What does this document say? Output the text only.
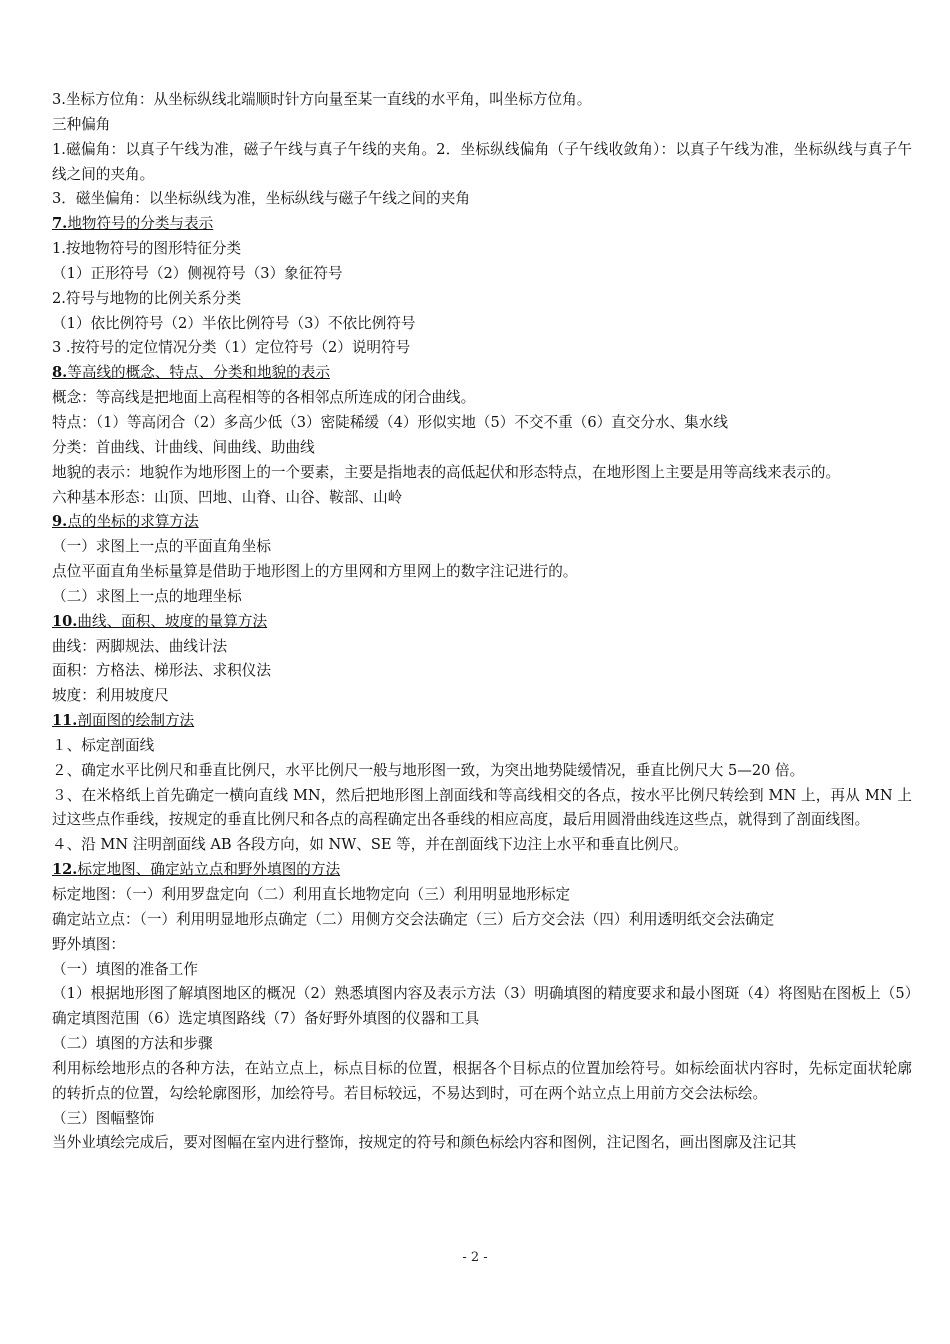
3.坐标方位角：从坐标纵线北端顺时针方向量至某一直线的水平角，叫坐标方位角。
三种偏角
1.磁偏角：以真子午线为准，磁子午线与真子午线的夹角。2．坐标纵线偏角（子午线收敛角）：以真子午线为准，坐标纵线与真子午线之间的夹角。
3．磁坐偏角：以坐标纵线为准，坐标纵线与磁子午线之间的夹角
7.地物符号的分类与表示
1.按地物符号的图形特征分类
（1）正形符号（2）侧视符号（3）象征符号
2.符号与地物的比例关系分类
（1）依比例符号（2）半依比例符号（3）不依比例符号
3 .按符号的定位情况分类（1）定位符号（2）说明符号
8.等高线的概念、特点、分类和地貌的表示
概念：等高线是把地面上高程相等的各相邻点所连成的闭合曲线。
特点：（1）等高闭合（2）多高少低（3）密陡稀缓（4）形似实地（5）不交不重（6）直交分水、集水线
分类：首曲线、计曲线、间曲线、助曲线
地貌的表示：地貌作为地形图上的一个要素，主要是指地表的高低起伏和形态特点，在地形图上主要是用等高线来表示的。
六种基本形态：山顶、凹地、山脊、山谷、鞍部、山岭
9.点的坐标的求算方法
（一）求图上一点的平面直角坐标
点位平面直角坐标量算是借助于地形图上的方里网和方里网上的数字注记进行的。
（二）求图上一点的地理坐标
10.曲线、面积、坡度的量算方法
曲线：两脚规法、曲线计法
面积：方格法、梯形法、求积仪法
坡度：利用坡度尺
11.剖面图的绘制方法
１、标定剖面线
２、确定水平比例尺和垂直比例尺，水平比例尺一般与地形图一致，为突出地势陡缓情况，垂直比例尺大 5—20 倍。
３、在米格纸上首先确定一横向直线 MN，然后把地形图上剖面线和等高线相交的各点，按水平比例尺转绘到 MN 上，再从 MN 上过这些点作垂线，按规定的垂直比例尺和各点的高程确定出各垂线的相应高度，最后用圆滑曲线连这些点，就得到了剖面线图。
４、沿 MN 注明剖面线 AB 各段方向，如 NW、SE 等，并在剖面线下边注上水平和垂直比例尺。
12.标定地图、确定站立点和野外填图的方法
标定地图：（一）利用罗盘定向（二）利用直长地物定向（三）利用明显地形标定
确定站立点：（一）利用明显地形点确定（二）用侧方交会法确定（三）后方交会法（四）利用透明纸交会法确定
野外填图：
（一）填图的准备工作
（1）根据地形图了解填图地区的概况（2）熟悉填图内容及表示方法（3）明确填图的精度要求和最小图斑（4）将图贴在图板上（5）确定填图范围（6）选定填图路线（7）备好野外填图的仪器和工具
（二）填图的方法和步骤
利用标绘地形点的各种方法，在站立点上，标点目标的位置，根据各个目标点的位置加绘符号。如标绘面状内容时，先标定面状轮廓的转折点的位置，勾绘轮廓图形，加绘符号。若目标较远，不易达到时，可在两个站立点上用前方交会法标绘。
（三）图幅整饰
当外业填绘完成后，要对图幅在室内进行整饰，按规定的符号和颜色标绘内容和图例，注记图名，画出图廓及注记其
- 2 -
